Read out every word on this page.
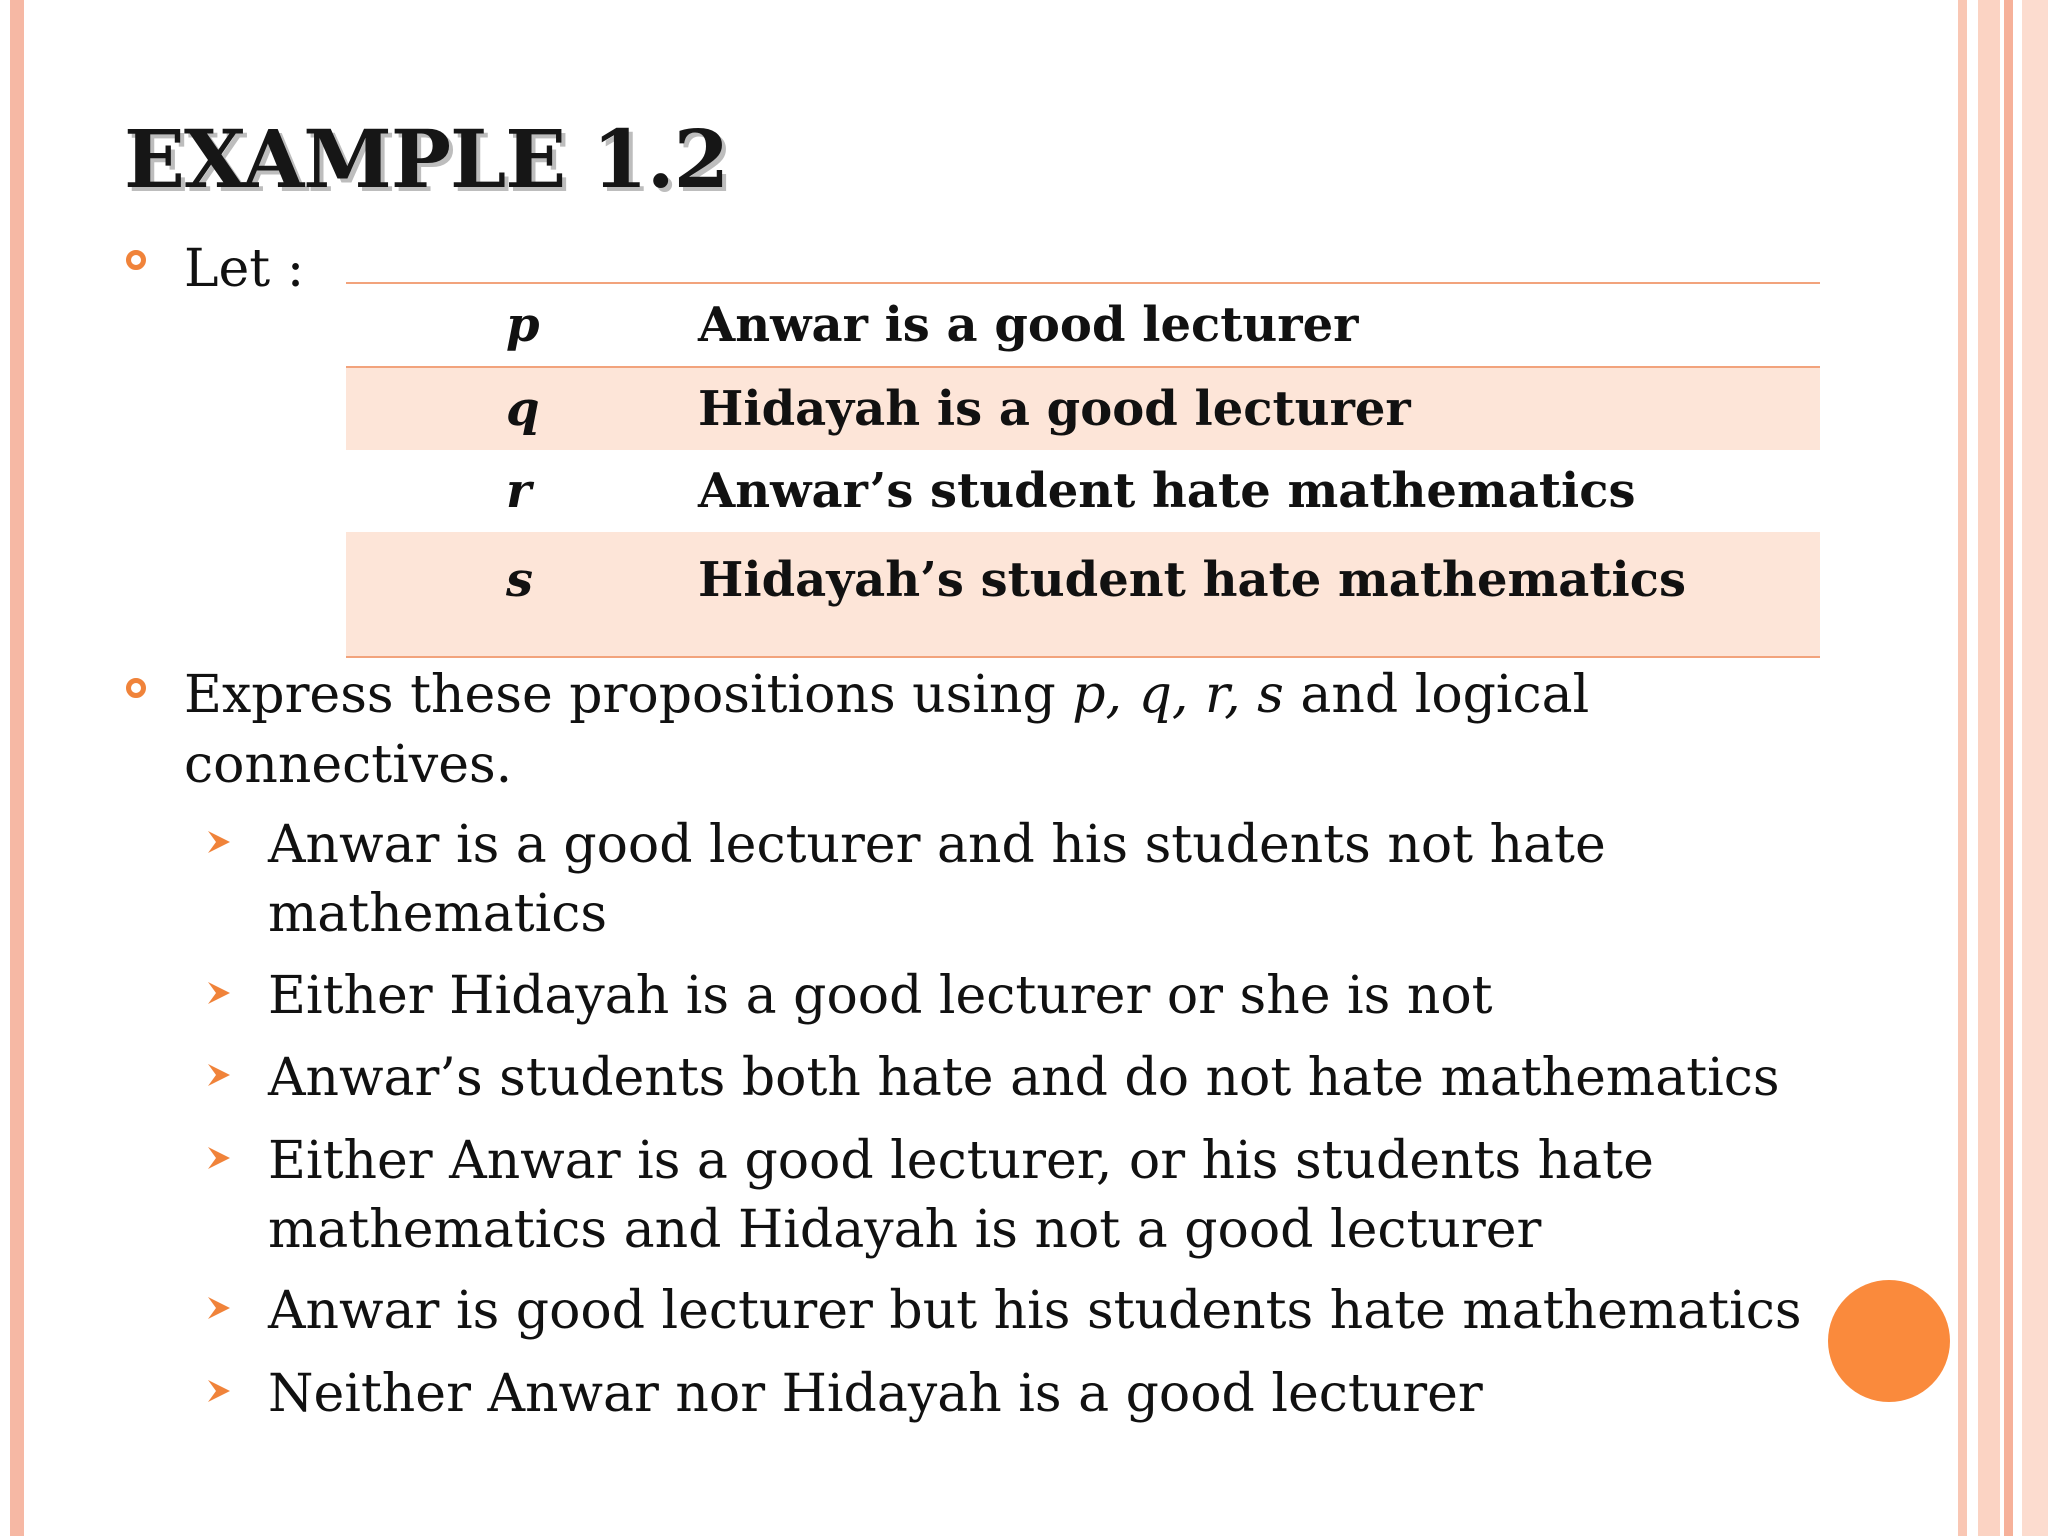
EXAMPLE 1.2
Let :
p	Anwar is a good lecturer
q	Hidayah is a good lecturer
r	Anwar’s student hate mathematics
s	Hidayah’s student hate mathematics
Express these propositions using p, q, r, s and logical
connectives.
Anwar is a good lecturer and his students not hate
mathematics
Either Hidayah is a good lecturer or she is not
Anwar’s students both hate and do not hate mathematics
Either Anwar is a good lecturer, or his students hate
mathematics and Hidayah is not a good lecturer
Anwar is good lecturer but his students hate mathematics
Neither Anwar nor Hidayah is a good lecturer
